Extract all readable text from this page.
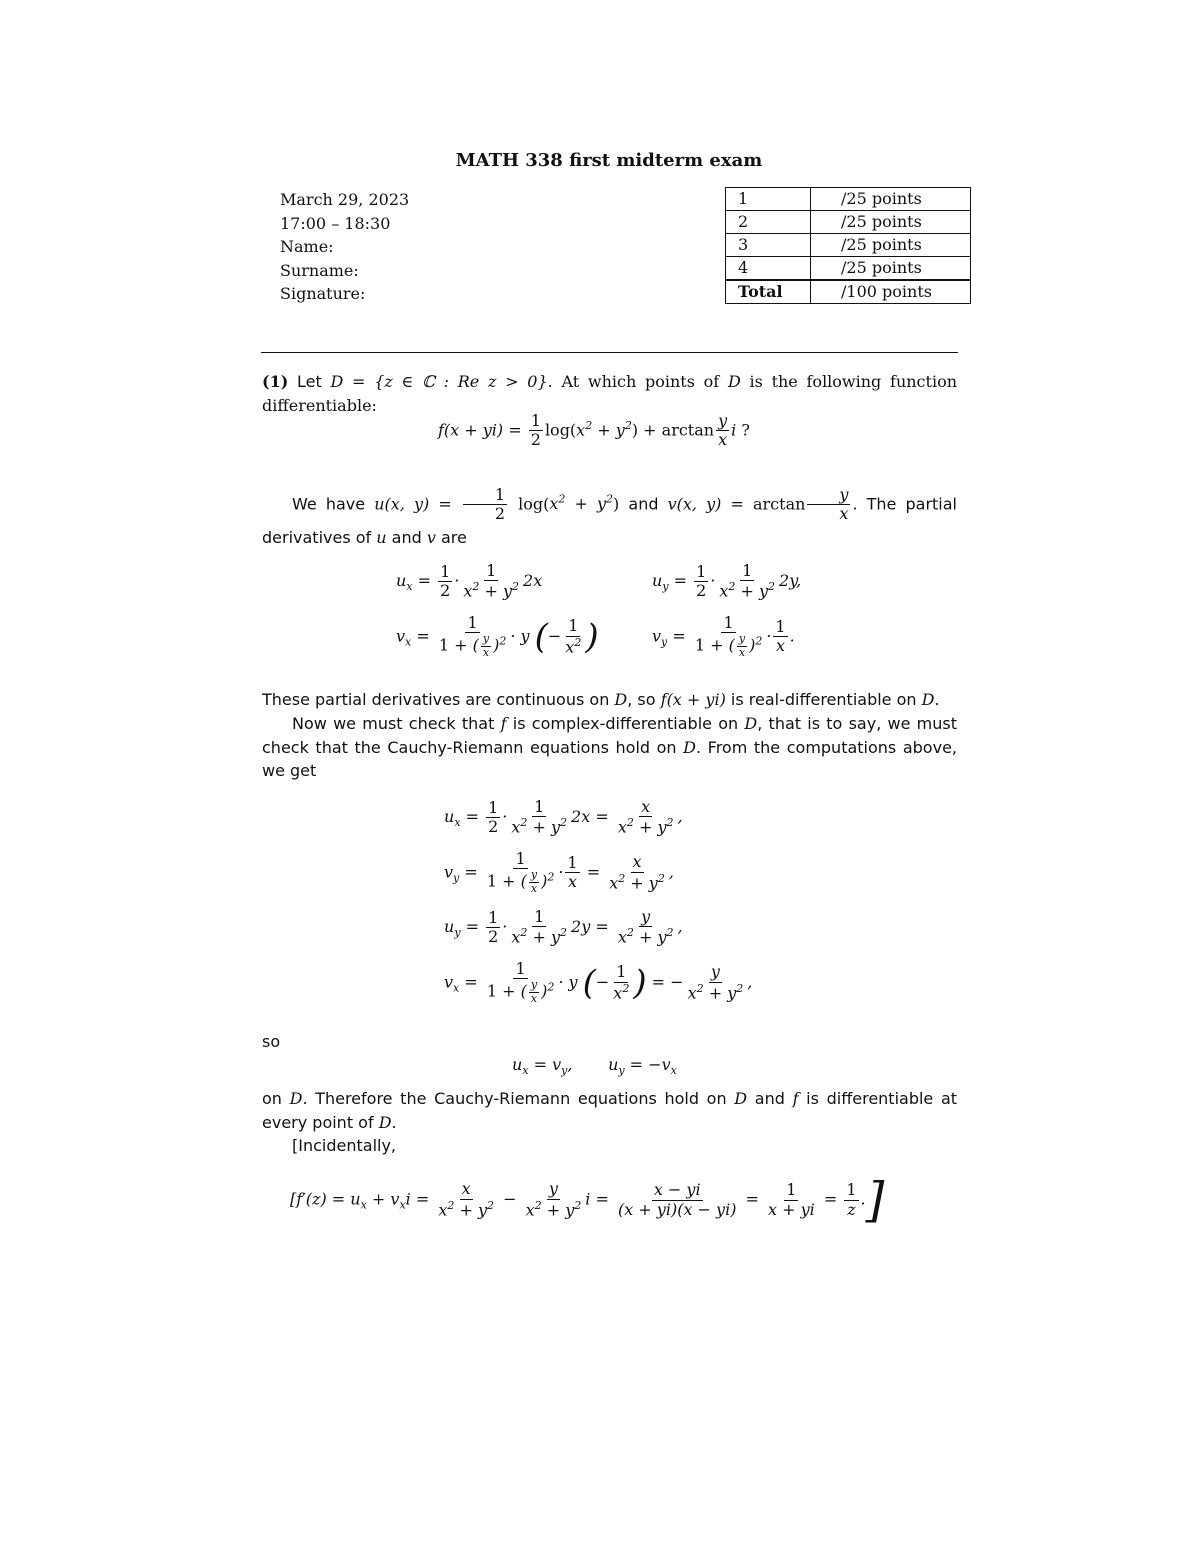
MATH 338 first midterm exam
March 29, 2023
17:00 – 18:30
Name:
Surname:
Signature:
1	/25 points
2	/25 points
3	/25 points
4	/25 points
Total	/100 points
(1) Let D = {z ∈ ℂ : Re z > 0}. At which points of D is the following function differentiable:
$f(x + yi) = \frac{1}{2} \log(x^2 + y^2) + \arctan \frac{y}{x}$ i ?
We have u(x, $y) = \frac{1}{2} \log(x^2 + y^2)$ and v(x, $y) = \arctan \frac{y}{x}$ . The partial derivatives of u and v are
$u_x = \frac{1}{2} \cdot \frac{1}{x^2 + y^2} 2x$	$u_y = \frac{1}{2} \cdot \frac{1}{x^2 + y^2} 2y$,
$v_x = \frac{1}{1 + ( \frac{y}{x} )^2} \cdot y$ (− $\frac{1}{x^2}$ )	$v_y = \frac{1}{1 + ( \frac{y}{x} )^2} \cdot \frac{1}{x}$ .
These partial derivatives are continuous on D, so f(x + yi) is real-differentiable on D.
Now we must check that f is complex-differentiable on D, that is to say, we must check that the Cauchy-Riemann equations hold on D. From the computations above, we get
$u_x = \frac{1}{2} \cdot \frac{1}{x^2 + y^2} 2x = \frac{x}{x^2 + y^2}$ ,
$v_y = \frac{1}{1 + ( \frac{y}{x} )^2} \cdot \frac{1}{x} = \frac{x}{x^2 + y^2}$ ,
$u_y = \frac{1}{2} \cdot \frac{1}{x^2 + y^2} 2y = \frac{y}{x^2 + y^2}$ ,
$v_x = \frac{1}{1 + ( \frac{y}{x} )^2} \cdot y$ (− $\frac{1}{x^2}$ ) = − $\frac{y}{x^2 + y^2}$ ,
so
$u_x = v_y$,       $u_y = -v_x$
on D. Therefore the Cauchy-Riemann equations hold on D and f is differentiable at every point of D.
[Incidentally,
[$f'(z) = u_x + v_xi = \frac{x}{x^2 + y^2} - \frac{y}{x^2 + y^2}$ $i = \frac{x - yi}{(x + yi)(x - yi)} = \frac{1}{x + yi} = \frac{1}{z}$ .]
